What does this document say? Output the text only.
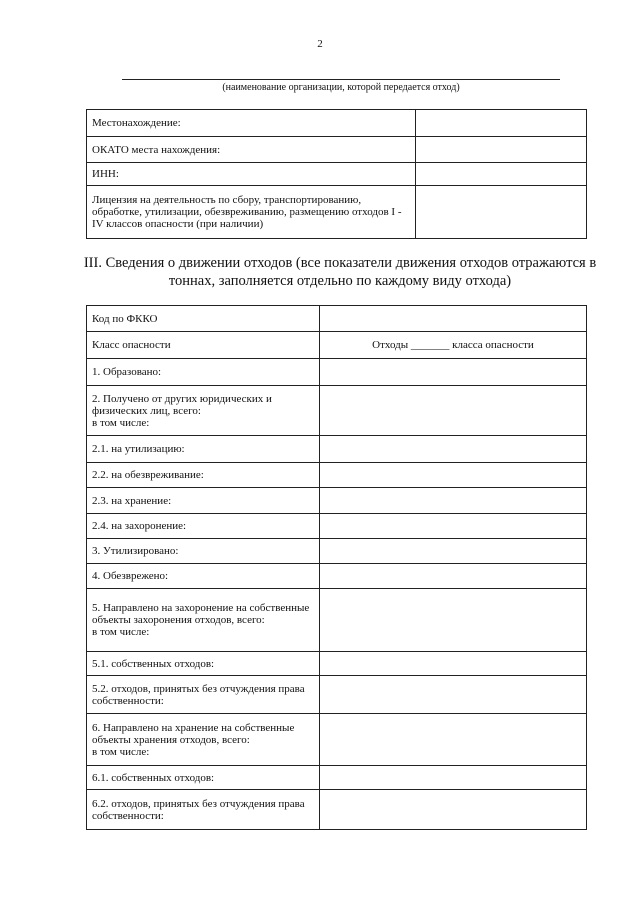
2
(наименование организации, которой передается отход)
Местонахождение:	
ОКАТО места нахождения:	
ИНН:	
Лицензия на деятельность по сбору, транспортированию, обработке, утилизации, обезвреживанию, размещению отходов I - IV классов опасности (при наличии)	
III. Сведения о движении отходов (все показатели движения отходов отражаются в тоннах, заполняется отдельно по каждому виду отхода)
Код по ФККО	
Класс опасности	Отходы _______ класса опасности
1. Образовано:	
2. Получено от других юридических и физических лиц, всего:
в том числе:	
2.1. на утилизацию:	
2.2. на обезвреживание:	
2.3. на хранение:	
2.4. на захоронение:	
3. Утилизировано:	
4. Обезврежено:	
5. Направлено на захоронение на собственные объекты захоронения отходов, всего:
в том числе:	
5.1. собственных отходов:	
5.2. отходов, принятых без отчуждения права собственности:	
6. Направлено на хранение на собственные объекты хранения отходов, всего:
в том числе:	
6.1. собственных отходов:	
6.2. отходов, принятых без отчуждения права собственности:	
